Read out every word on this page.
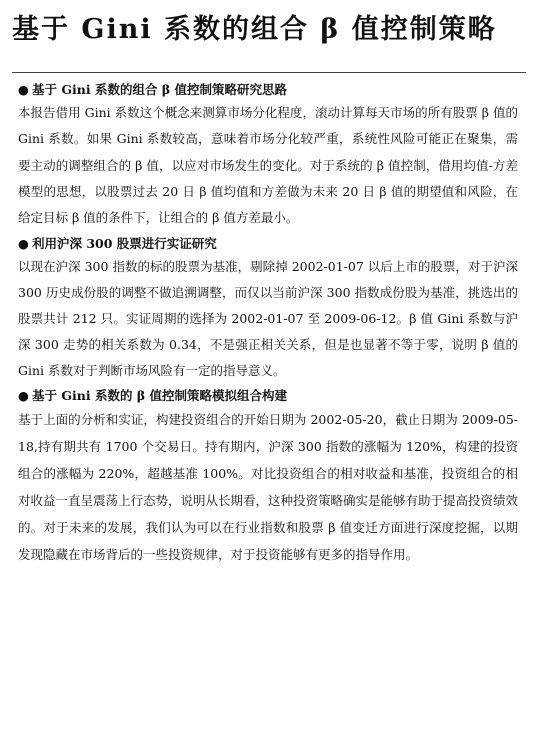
基于 Gini 系数的组合 β 值控制策略
● 基于 Gini 系数的组合 β 值控制策略研究思路

本报告借用 Gini 系数这个概念来测算市场分化程度，滚动计算每天市场的所有股票 β 值的 Gini 系数。如果 Gini 系数较高，意味着市场分化较严重，系统性风险可能正在聚集，需要主动的调整组合的 β 值，以应对市场发生的变化。对于系统的 β 值控制，借用均值-方差模型的思想，以股票过去 20 日 β 值均值和方差做为未来 20 日 β 值的期望值和风险，在给定目标 β 值的条件下，让组合的 β 值方差最小。

● 利用沪深 300 股票进行实证研究

以现在沪深 300 指数的标的股票为基准，剔除掉 2002-01-07 以后上市的股票，对于沪深 300 历史成份股的调整不做追溯调整，而仅以当前沪深 300 指数成份股为基准，挑选出的股票共计 212 只。实证周期的选择为 2002-01-07 至 2009-06-12。β 值 Gini 系数与沪深 300 走势的相关系数为 0.34，不是强正相关关系，但是也显著不等于零，说明 β 值的 Gini 系数对于判断市场风险有一定的指导意义。

● 基于 Gini 系数的 β 值控制策略模拟组合构建

基于上面的分析和实证，构建投资组合的开始日期为 2002-05-20，截止日期为 2009-05-18,持有期共有 1700 个交易日。持有期内，沪深 300 指数的涨幅为 120%，构建的投资组合的涨幅为 220%，超越基准 100%。对比投资组合的相对收益和基准，投资组合的相对收益一直呈震荡上行态势，说明从长期看，这种投资策略确实是能够有助于提高投资绩效的。对于未来的发展，我们认为可以在行业指数和股票 β 值变迁方面进行深度挖掘，以期发现隐藏在市场背后的一些投资规律，对于投资能够有更多的指导作用。
